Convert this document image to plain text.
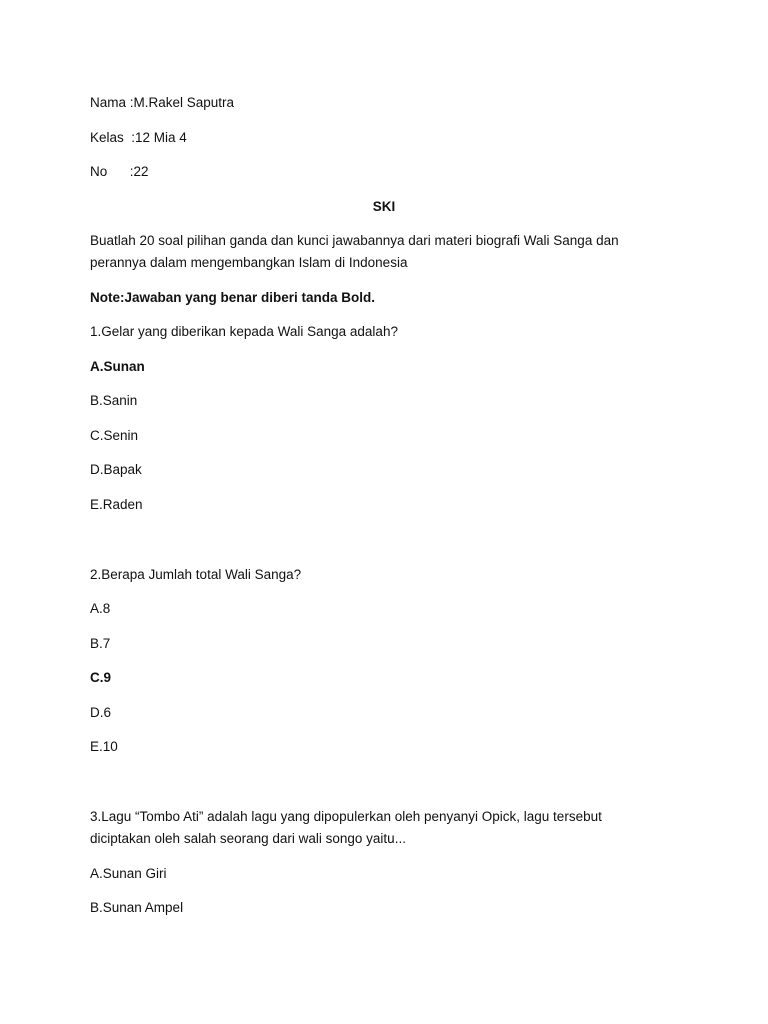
Nama :M.Rakel Saputra

Kelas  :12 Mia 4

No      :22

SKI

Buatlah 20 soal pilihan ganda dan kunci jawabannya dari materi biografi Wali Sanga dan

perannya dalam mengembangkan Islam di Indonesia

Note:Jawaban yang benar diberi tanda Bold.

1.Gelar yang diberikan kepada Wali Sanga adalah?

A.Sunan

B.Sanin

C.Senin

D.Bapak

E.Raden

2.Berapa Jumlah total Wali Sanga?

A.8

B.7

C.9

D.6

E.10

3.Lagu “Tombo Ati” adalah lagu yang dipopulerkan oleh penyanyi Opick, lagu tersebut

diciptakan oleh salah seorang dari wali songo yaitu...

A.Sunan Giri

B.Sunan Ampel
